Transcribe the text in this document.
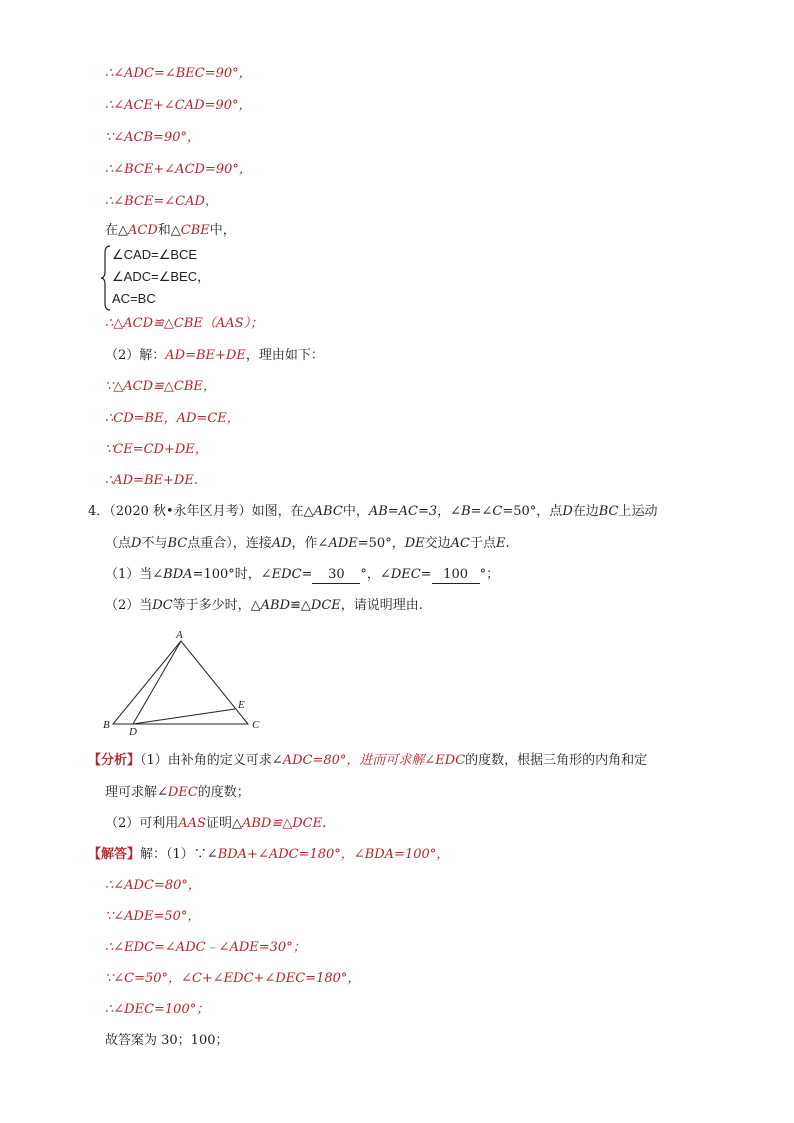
∴∠ADC=∠BEC=90°，
∴∠ACE+∠CAD=90°，
∵∠ACB=90°，
∴∠BCE+∠ACD=90°，
∴∠BCE=∠CAD，
在△ACD和△CBE中，
∠CAD=∠BCE
∠ADC=∠BEC，
AC=BC
∴△ACD≌△CBE（AAS）；
（2）解：AD=BE+DE，理由如下：
∵△ACD≌△CBE，
∴CD=BE，AD=CE，
∵CE=CD+DE，
∴AD=BE+DE.
4．（2020 秋•永年区月考）如图，在△ABC中，AB=AC=3，∠B=∠C=50°，点D在边BC上运动
（点D不与BC点重合），连接AD，作∠ADE=50°，DE交边AC于点E.
（1）当∠BDA=100°时，∠EDC= 30 °，∠DEC= 100 °；
（2）当DC等于多少时，△ABD≌△DCE，请说明理由.
A
B	C
D
E
【分析】（1）由补角的定义可求∠ADC=80°，进而可求解∠EDC的度数，根据三角形的内角和定
理可求解∠DEC的度数；
（2）可利用AAS证明△ABD≌△DCE.
【解答】解：（1）∵∠BDA+∠ADC=180°，∠BDA=100°，
∴∠ADC=80°，
∵∠ADE=50°，
∴∠EDC=∠ADC﹣∠ADE=30°；
∵∠C=50°，∠C+∠EDC+∠DEC=180°，
∴∠DEC=100°；
故答案为 30；100；
